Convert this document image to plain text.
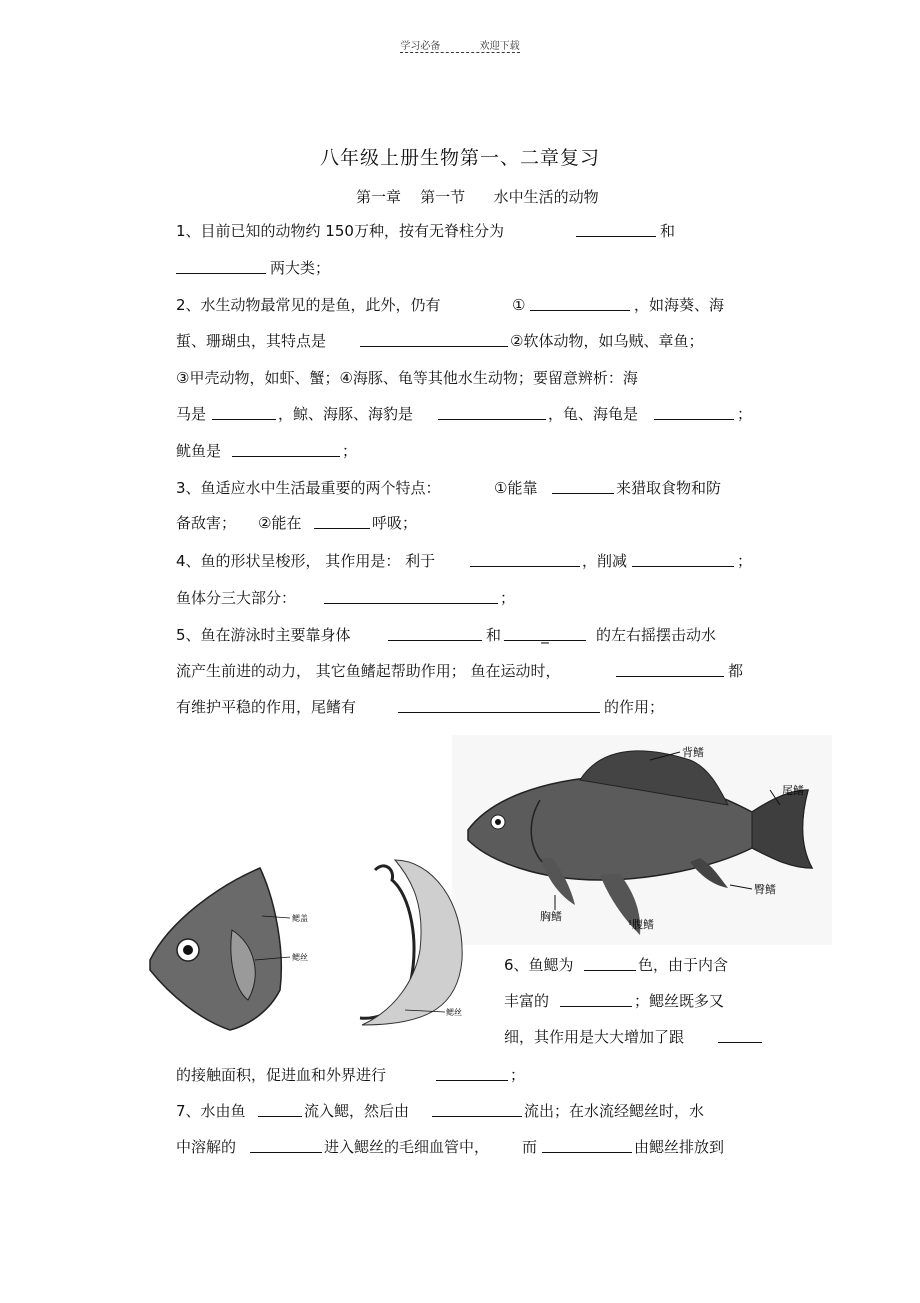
学习必备	欢迎下载
八年级上册生物第一、二章复习
第一章    第一节      水中生活的动物
1、目前已知的动物约 150万种，按有无脊柱分为	和
两大类；
2、水生动物最常见的是鱼，此外，仍有	①	，如海葵、海
蜇、珊瑚虫，其特点是	②软体动物，如乌贼、章鱼；
③甲壳动物，如虾、蟹；④海豚、龟等其他水生动物；要留意辨析：海
马是	，鲸、海豚、海豹是	，龟、海龟是	；
鱿鱼是	；
3、鱼适应水中生活最重要的两个特点：	①能靠	来猎取食物和防
备敌害； ②能在	呼吸；
4、鱼的形状呈梭形， 其作用是： 利于	，削减	；
鱼体分三大部分：	；
5、鱼在游泳时主要靠身体	和	_	的左右摇摆击动水
流产生前进的动力， 其它鱼鳍起帮助作用； 鱼在运动时，	都
有维护平稳的作用，尾鳍有	的作用；
背鳍
尾鳍
臀鳍
胸鳍
腹鳍
鳃盖
鳃丝
鳃丝
6、鱼鳃为	色，由于内含
丰富的	；鳃丝既多又
细，其作用是大大增加了跟
的接触面积，促进血和外界进行	；
7、水由鱼	流入鳃，然后由	流出；在水流经鳃丝时，水
中溶解的	进入鳃丝的毛细血管中， 而	由鳃丝排放到
